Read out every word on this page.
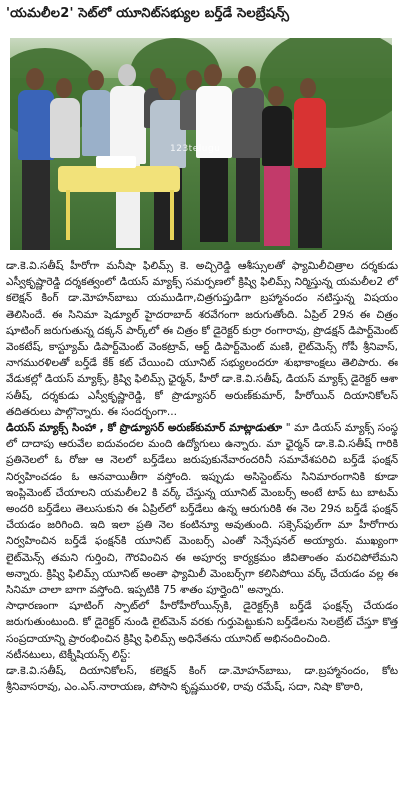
'యమలీల2' సెట్‌లో యూనిట్‌సభ్యుల బర్త్‌డే సెలబ్రేషన్స్
123telugu

డా.కె.వి.సతీష్ హీరోగా మనీషా ఫిలిమ్స్ కె. అచ్చిరెడ్డి ఆశీస్సులతో ఫ్యామిలీచిత్రాల దర్శకుడు ఎస్వీకృష్ణారెడ్డి దర్శకత్వంలో డియస్ మ్యాక్స్ సమర్పణలో క్రిష్వి ఫిలిమ్స్ నిర్మిస్తున్న యమలీల2 లో కలెక్షన్ కింగ్ డా.మోహన్‌బాబు యముడిగా,చిత్రగుప్తుడిగా బ్రహ్మానందం నటిస్తున్న విషయం తెలిసిందే. ఈ సినిమా షెడ్యూల్ హైదరాబాద్ శరవేగంగా జరుగుతోంది. ఏప్రిల్ 29న ఈ చిత్రం షూటింగ్ జరుగుతున్న దక్కన్ పార్క్‌లో ఈ చిత్రం కో డైరెక్టర్ కుర్రా రంగారావు, ప్రొడక్షన్ డిపార్ట్‌మెంట్ వెంకటేష్, కాస్ట్యూమ్ డిపార్ట్‌మెంట్ వెంకట్రావ్, ఆర్ట్ డిపార్ట్‌మెంట్ మణి, లైట్‌మెన్స్ గోపీ శ్రీనివాస్, నాగమురళిలతో బర్త్‌డే కేక్ కట్ చేయించి యూనిట్ సభ్యులందరూ శుభాకాంక్షలు తెలిపారు. ఈ వేడుకల్లో డియస్ మ్యాక్స్, క్రిష్వి ఫిలిమ్స్ ఛైర్మన్, హీరో డా.కె.వి.సతీష్, డియస్ మ్యాక్స్ డైరెక్టర్ ఆశా సతీష్, దర్శకుడు ఎస్వీకృష్ణారెడ్డి, కో ప్రొడ్యూసర్ అరుణ్‌కుమార్, హీరోయిన్ దియానికోలస్ తదితరులు పాల్గొన్నారు. ఈ సందర్భంగా...

డియస్ మ్యాక్స్ సింహా , కో ప్రొడ్యూసర్ అరుణ్‌కుమార్ మాట్లాడుతూ " మా డియస్ మ్యాక్స్ సంస్థ లో దాదాపు ఆరువేల ఐదువందల మంది ఉద్యోగులు ఉన్నారు. మా ఛైర్మన్ డా.కె.వి.సతీష్ గారికి ప్రతినెలలో ఓ రోజు ఆ నెలలో బర్త్‌డేలు జరుపుకునేవారందరినీ సమావేశపరిచి బర్త్‌డే ఫంక్షన్ నిర్వహించడం ఓ ఆనవాయితీగా వస్తోంది. ఇప్పుడు అసిస్టెంట్‌ను సినిమారంగానికి కూడా ఇంప్లిమెంట్ చేయాలని యమలీల2 కి వర్క్ చేస్తున్న యూనిట్ మెంబర్స్ అంటే టాప్ టు బాటమ్ అందరి బర్త్‌డేలు తెలుసుకుని ఈ ఏప్రిల్‌లో బర్త్‌డేలు ఉన్న ఆరుగురికి ఈ నెల 29న బర్త్‌డే ఫంక్షన్ చేయడం జరిగింది. ఇది ఇలా ప్రతి నెల కంటిన్యూ అవుతుంది. సక్సెస్‌ఫుల్‌గా మా హీరోగారు నిర్వహించిన బర్త్‌డే ఫంక్షన్‌కి యూనిట్ మెంబర్స్ ఎంతో సెన్సేషనల్ అయ్యారు. ముఖ్యంగా లైట్‌మెన్స్ తమని గుర్తించి, గౌరవించిన ఈ అపూర్వ కార్యక్రమం జీవితాంతం మరచిపోలేమని అన్నారు. క్రిష్వి ఫిలిమ్స్ యూనిట్ అంతా ఫ్యామిలీ మెంబర్స్‌గా కలిసిపోయి వర్క్ చేయడం వల్ల ఈ సినిమా చాలా బాగా వస్తోంది. ఇప్పటికి 75 శాతం పూర్తైంది" అన్నారు.

సాధారణంగా షూటింగ్ స్పాట్‌లో హీరోహీరోయిన్స్‌కి, డైరెక్టర్స్‌కి బర్త్‌డే ఫంక్షన్స్ చేయడం జరుగుతుంటుంది. కో డైరెక్టర్ నుండి లైట్‌మెన్ వరకు గుర్తుపెట్టుకుని బర్త్‌డేలను సెలబ్రేట్ చేస్తూ కొత్త సంప్రదాయాన్ని ప్రారంభించిన క్రిష్వి ఫిలిమ్స్ అధినేతను యూనిట్ అభినందించింది.

నటీనటులు, టెక్నీషియన్స్ లిస్ట్:

డా.కె.వి.సతీష్, దియానికోలస్, కలెక్షన్ కింగ్ డా.మోహన్‌బాబు, డా.బ్రహ్మానందం, కోట శ్రీనివాసరావు, ఎం.ఎస్.నారాయణ, పోసాని కృష్ణమురళి, రావు రమేష్, సదా, నిషా కొఠారి,
